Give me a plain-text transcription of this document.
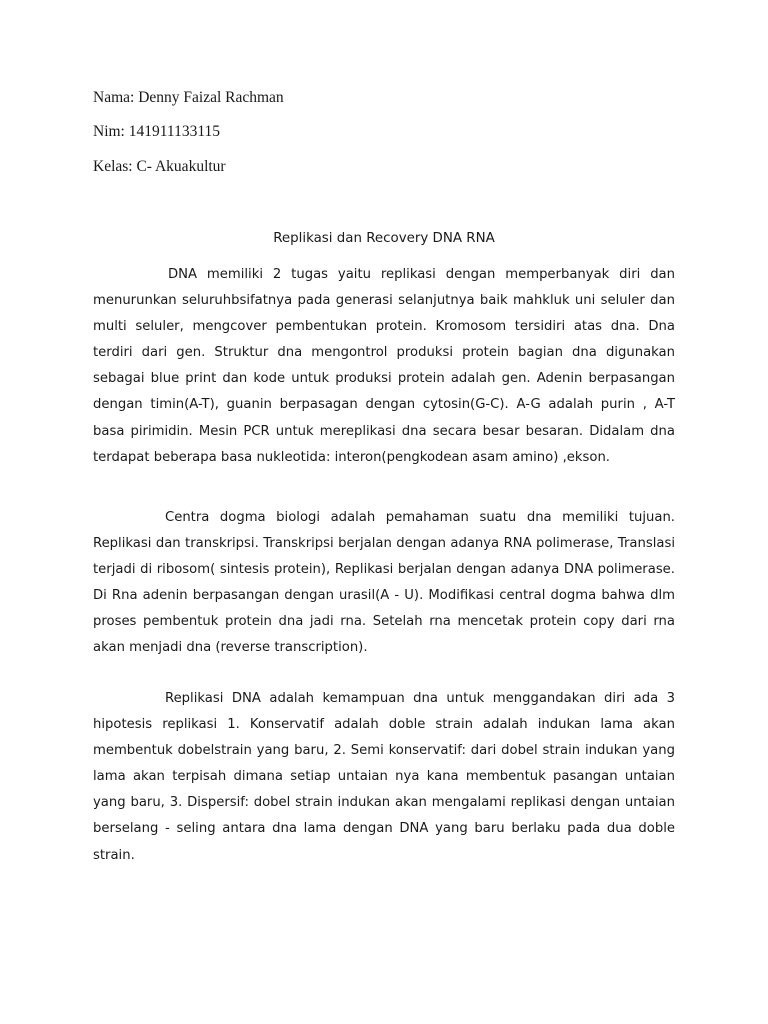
Nama: Denny Faizal Rachman
Nim: 141911133115
Kelas: C- Akuakultur
Replikasi dan Recovery DNA RNA

DNA memiliki 2 tugas yaitu replikasi dengan memperbanyak diri dan menurunkan seluruhbsifatnya pada generasi selanjutnya baik mahkluk uni seluler dan multi seluler, mengcover pembentukan protein. Kromosom tersidiri atas dna. Dna terdiri dari gen. Struktur dna mengontrol produksi protein bagian dna digunakan sebagai blue print dan kode untuk produksi protein adalah gen. Adenin berpasangan dengan timin(A-T), guanin berpasagan dengan cytosin(G-C). A-G adalah purin , A-T basa pirimidin. Mesin PCR untuk mereplikasi dna secara besar besaran. Didalam dna terdapat beberapa basa nukleotida: interon(pengkodean asam amino) ,ekson.

Centra dogma biologi adalah pemahaman suatu dna memiliki tujuan. Replikasi dan transkripsi. Transkripsi berjalan dengan adanya RNA polimerase, Translasi terjadi di ribosom( sintesis protein), Replikasi berjalan dengan adanya DNA polimerase. Di Rna adenin berpasangan dengan urasil(A - U). Modifikasi central dogma bahwa dlm proses pembentuk protein dna jadi rna. Setelah rna mencetak protein copy dari rna akan menjadi dna (reverse transcription).

Replikasi DNA adalah kemampuan dna untuk menggandakan diri ada 3 hipotesis replikasi 1. Konservatif adalah doble strain adalah indukan lama akan membentuk dobelstrain yang baru, 2. Semi konservatif: dari dobel strain indukan yang lama akan terpisah dimana setiap untaian nya kana membentuk pasangan untaian yang baru, 3. Dispersif: dobel strain indukan akan mengalami replikasi dengan untaian berselang - seling antara dna lama dengan DNA yang baru berlaku pada dua doble strain.
